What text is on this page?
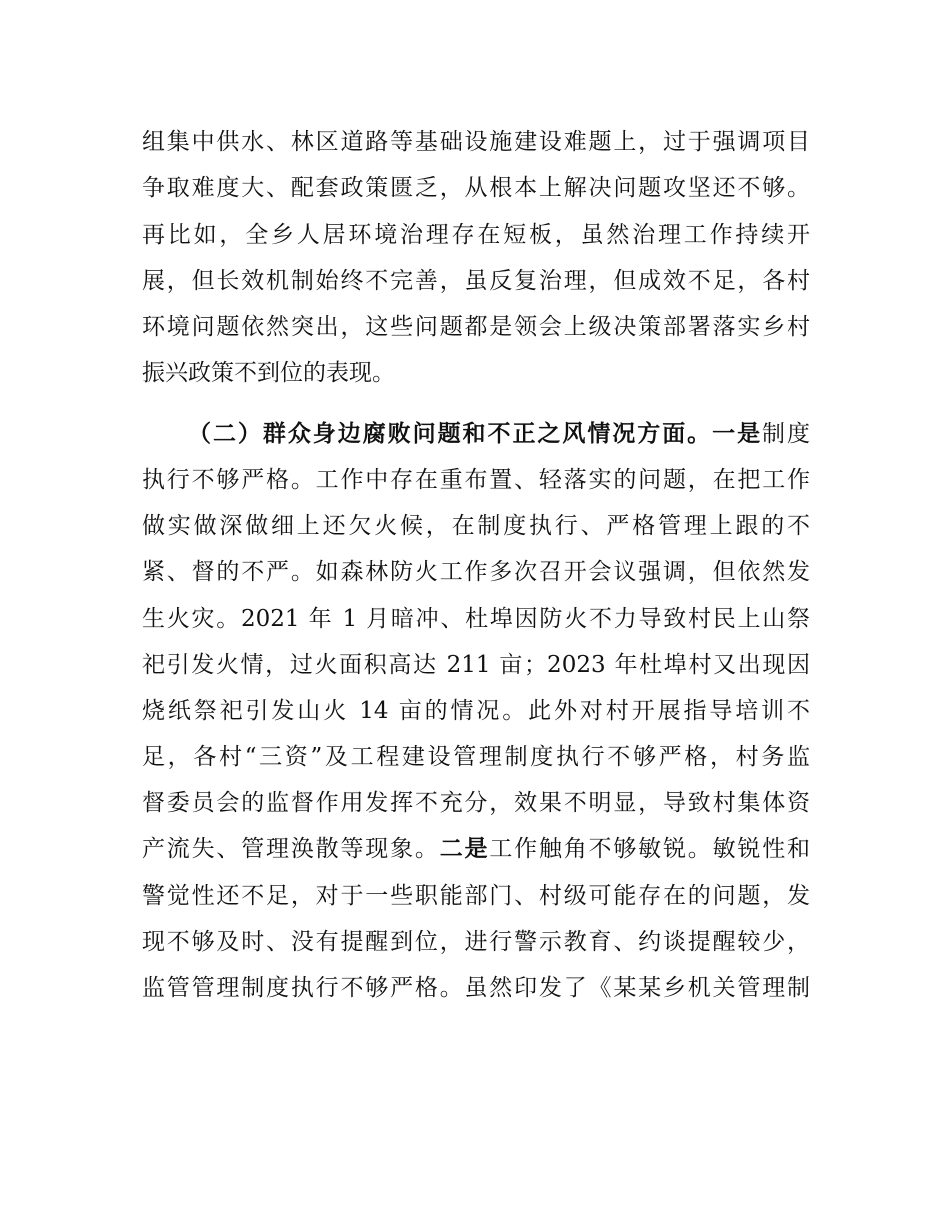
组集中供水、林区道路等基础设施建设难题上，过于强调项目
争取难度大、配套政策匮乏，从根本上解决问题攻坚还不够。
再比如，全乡人居环境治理存在短板，虽然治理工作持续开
展，但长效机制始终不完善，虽反复治理，但成效不足，各村
环境问题依然突出，这些问题都是领会上级决策部署落实乡村
振兴政策不到位的表现。
（二）群众身边腐败问题和不正之风情况方面。一是制度
执行不够严格。工作中存在重布置、轻落实的问题，在把工作
做实做深做细上还欠火候，在制度执行、严格管理上跟的不
紧、督的不严。如森林防火工作多次召开会议强调，但依然发
生火灾。2021 年 1 月暗冲、杜埠因防火不力导致村民上山祭
祀引发火情，过火面积高达 211 亩；2023 年杜埠村又出现因
烧纸祭祀引发山火 14 亩的情况。此外对村开展指导培训不
足，各村“三资”及工程建设管理制度执行不够严格，村务监
督委员会的监督作用发挥不充分，效果不明显，导致村集体资
产流失、管理涣散等现象。二是工作触角不够敏锐。敏锐性和
警觉性还不足，对于一些职能部门、村级可能存在的问题，发
现不够及时、没有提醒到位，进行警示教育、约谈提醒较少，
监管管理制度执行不够严格。虽然印发了《某某乡机关管理制
